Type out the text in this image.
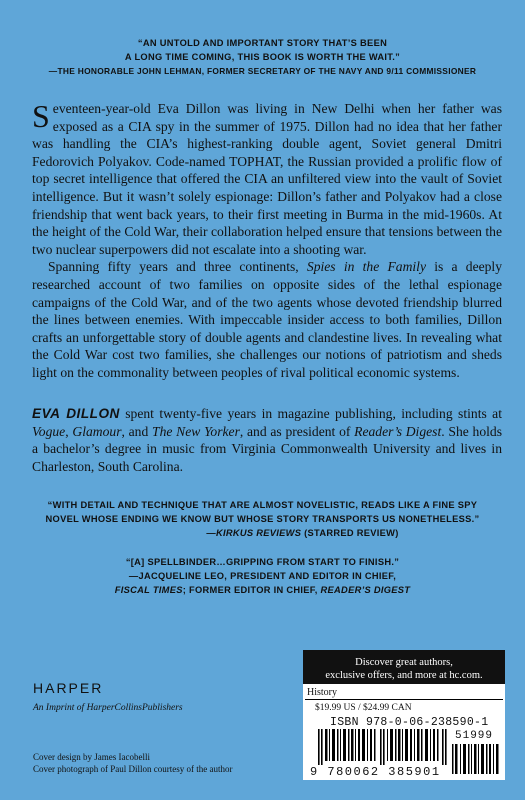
“AN UNTOLD AND IMPORTANT STORY THAT’S BEEN
A LONG TIME COMING, THIS BOOK IS WORTH THE WAIT.”
—THE HONORABLE JOHN LEHMAN, FORMER SECRETARY OF THE NAVY AND 9/11 COMMISSIONER

Seventeen-year-old Eva Dillon was living in New Delhi when her father was exposed as a CIA spy in the summer of 1975. Dillon had no idea that her father was handling the CIA’s highest-ranking double agent, Soviet general Dmitri Fedorovich Polyakov. Code-named TOPHAT, the Russian provided a prolific flow of top secret intelligence that offered the CIA an unfiltered view into the vault of Soviet intelligence. But it wasn’t solely espionage: Dillon’s father and Polyakov had a close friendship that went back years, to their first meeting in Burma in the mid-1960s. At the height of the Cold War, their collaboration helped ensure that tensions between the two nuclear superpowers did not escalate into a shooting war.

Spanning fifty years and three continents, Spies in the Family is a deeply researched account of two families on opposite sides of the lethal espionage campaigns of the Cold War, and of the two agents whose devoted friendship blurred the lines between enemies. With impeccable insider access to both families, Dillon crafts an unforgettable story of double agents and clandestine lives. In revealing what the Cold War cost two families, she challenges our notions of patriotism and sheds light on the commonality between peoples of rival political economic systems.

EVA DILLON spent twenty-five years in magazine publishing, including stints at Vogue, Glamour, and The New Yorker, and as president of Reader’s Digest. She holds a bachelor’s degree in music from Virginia Commonwealth University and lives in Charleston, South Carolina.

“WITH DETAIL AND TECHNIQUE THAT ARE ALMOST NOVELISTIC, READS LIKE A FINE SPY
NOVEL WHOSE ENDING WE KNOW BUT WHOSE STORY TRANSPORTS US NONETHELESS.”
—KIRKUS REVIEWS (STARRED REVIEW)
“[A] SPELLBINDER…GRIPPING FROM START TO FINISH.”
—JACQUELINE LEO, PRESIDENT AND EDITOR IN CHIEF,
FISCAL TIMES; FORMER EDITOR IN CHIEF, READER’S DIGEST
Discover great authors,
exclusive offers, and more at hc.com.
History
$19.99 US / $24.99 CAN
ISBN 978-0-06-238590-1
51999
9 780062 385901
HARPER
An Imprint of HarperCollinsPublishers
Cover design by James Iacobelli
Cover photograph of Paul Dillon courtesy of the author
